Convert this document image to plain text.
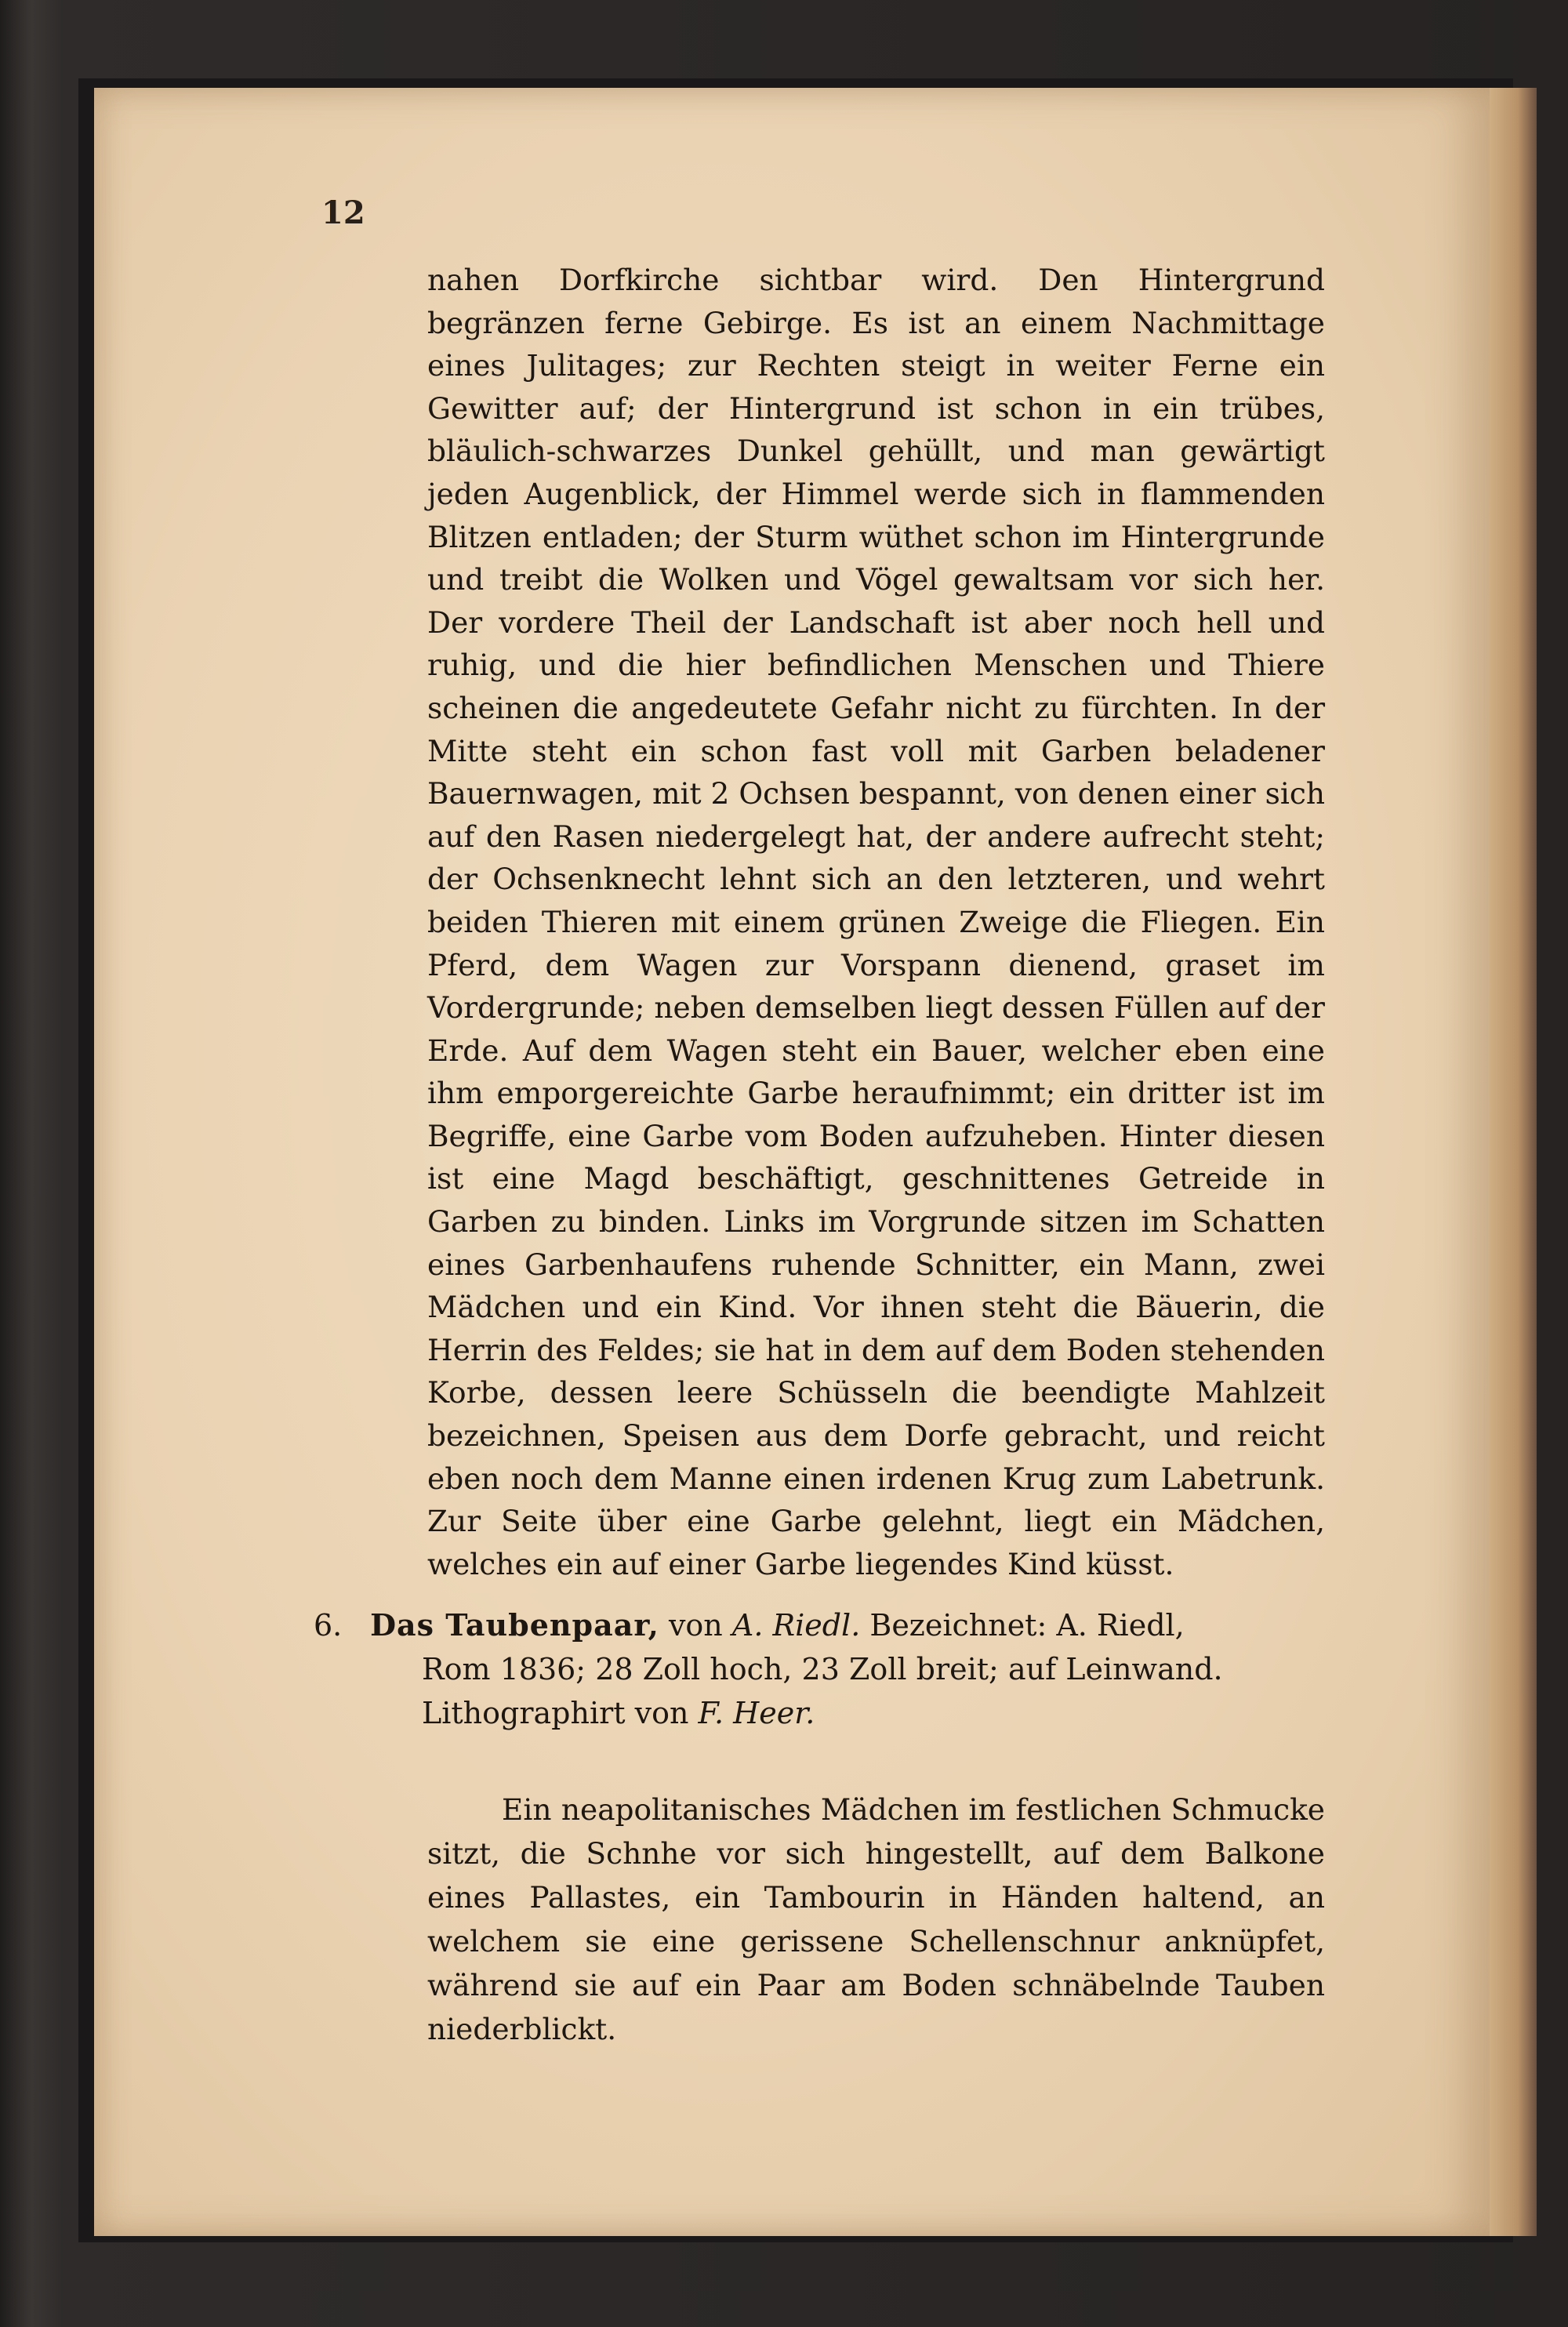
12

nahen Dorfkirche sichtbar wird. Den Hintergrund begränzen ferne Gebirge. Es ist an einem Nachmittage eines Julitages; zur Rechten steigt in weiter Ferne ein Gewitter auf; der Hintergrund ist schon in ein trübes, bläulich-schwarzes Dunkel gehüllt, und man gewärtigt jeden Augenblick, der Himmel werde sich in flammenden Blitzen entladen; der Sturm wüthet schon im Hintergrunde und treibt die Wolken und Vögel gewaltsam vor sich her. Der vordere Theil der Landschaft ist aber noch hell und ruhig, und die hier befindlichen Menschen und Thiere scheinen die angedeutete Gefahr nicht zu fürchten. In der Mitte steht ein schon fast voll mit Garben beladener Bauernwagen, mit 2 Ochsen bespannt, von denen einer sich auf den Rasen niedergelegt hat, der andere aufrecht steht; der Ochsenknecht lehnt sich an den letzteren, und wehrt beiden Thieren mit einem grünen Zweige die Fliegen. Ein Pferd, dem Wagen zur Vorspann dienend, graset im Vordergrunde; neben demselben liegt dessen Füllen auf der Erde. Auf dem Wagen steht ein Bauer, welcher eben eine ihm emporgereichte Garbe heraufnimmt; ein dritter ist im Begriffe, eine Garbe vom Boden aufzuheben. Hinter diesen ist eine Magd beschäftigt, geschnittenes Getreide in Garben zu binden. Links im Vorgrunde sitzen im Schatten eines Garbenhaufens ruhende Schnitter, ein Mann, zwei Mädchen und ein Kind. Vor ihnen steht die Bäuerin, die Herrin des Feldes; sie hat in dem auf dem Boden stehenden Korbe, dessen leere Schüsseln die beendigte Mahlzeit bezeichnen, Speisen aus dem Dorfe gebracht, und reicht eben noch dem Manne einen irdenen Krug zum Labetrunk. Zur Seite über eine Garbe gelehnt, liegt ein Mädchen, welches ein auf einer Garbe liegendes Kind küsst.

6. Das Taubenpaar, von A. Riedl. Bezeichnet: A. Riedl,
Rom 1836; 28 Zoll hoch, 23 Zoll breit; auf Leinwand.
Lithographirt von F. Heer.
Ein neapolitanisches Mädchen im festlichen Schmucke sitzt, die Schnhe vor sich hingestellt, auf dem Balkone eines Pallastes, ein Tambourin in Händen haltend, an welchem sie eine gerissene Schellenschnur anknüpfet, während sie auf ein Paar am Boden schnäbelnde Tauben niederblickt.
